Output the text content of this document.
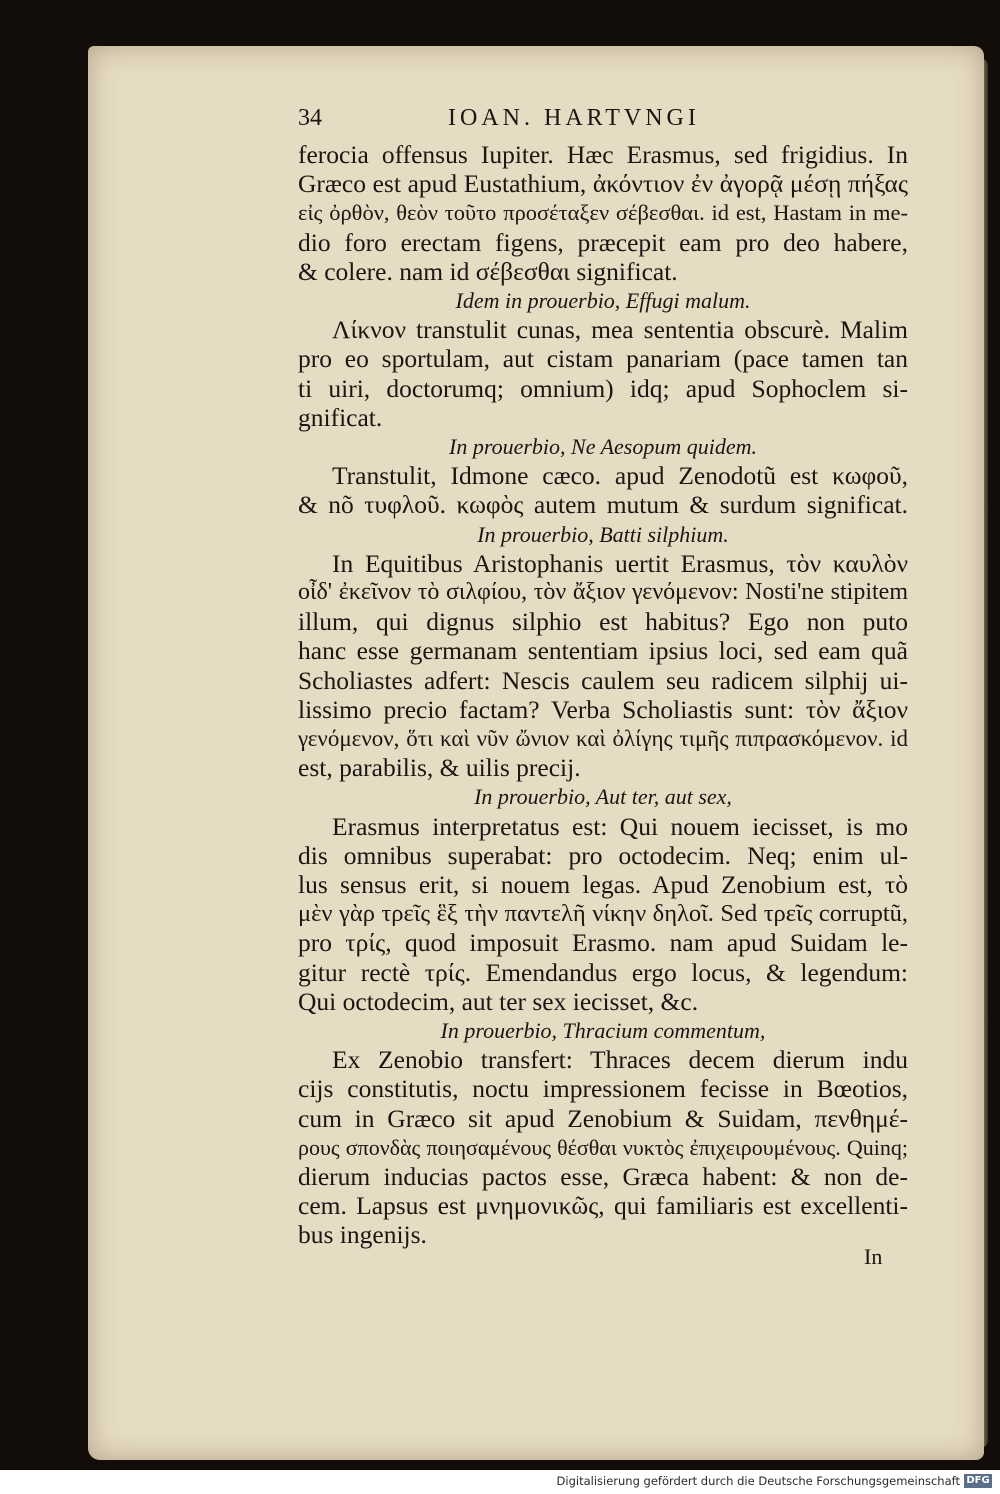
34	IOAN. HARTVNGI
ferocia offensus Iupiter. Hæc Erasmus, sed frigidius. In
Græco est apud Eustathium, ἀκόντιον ἐν ἀγορᾷ μέσῃ πήξας
εἰς ὀρθὸν, θεὸν τοῦτο προσέταξεν σέβεσθαι. id est, Hastam in me-
dio foro erectam figens, præcepit eam pro deo habere,
& colere. nam id σέβεσθαι significat.
Idem in prouerbio, Effugi malum.
Λίκνον transtulit cunas, mea sententia obscurè. Malim
pro eo sportulam, aut cistam panariam (pace tamen tan
ti uiri, doctorumq; omnium) idq; apud Sophoclem si-
gnificat.
In prouerbio, Ne Aesopum quidem.
Transtulit, Idmone cæco. apud Zenodotũ est κωφοῦ,
& nõ τυφλοῦ. κωφὸς autem mutum & surdum significat.
In prouerbio, Batti silphium.
In Equitibus Aristophanis uertit Erasmus, τὸν καυλὸν
οἶδ' ἐκεῖνον τὸ σιλφίου, τὸν ἄξιον γενόμενον: Nosti'ne stipitem
illum, qui dignus silphio est habitus? Ego non puto
hanc esse germanam sententiam ipsius loci, sed eam quã
Scholiastes adfert: Nescis caulem seu radicem silphij ui-
lissimo precio factam? Verba Scholiastis sunt: τὸν ἄξιον
γενόμενον, ὅτι καὶ νῦν ὤνιον καὶ ὀλίγης τιμῆς πιπρασκόμενον. id
est, parabilis, & uilis precij.
In prouerbio, Aut ter, aut sex,
Erasmus interpretatus est: Qui nouem iecisset, is mo
dis omnibus superabat: pro octodecim. Neq; enim ul-
lus sensus erit, si nouem legas. Apud Zenobium est, τὸ
μὲν γὰρ τρεῖς ἓξ τὴν παντελῆ νίκην δηλοῖ. Sed τρεῖς corruptũ,
pro τρίς, quod imposuit Erasmo. nam apud Suidam le-
gitur rectè τρίς. Emendandus ergo locus, & legendum:
Qui octodecim, aut ter sex iecisset, &c.
In prouerbio, Thracium commentum,
Ex Zenobio transfert: Thraces decem dierum indu
cijs constitutis, noctu impressionem fecisse in Bœotios,
cum in Græco sit apud Zenobium & Suidam, πενθημέ-
ρους σπονδὰς ποιησαμένους θέσθαι νυκτὸς ἐπιχειρουμένους. Quinq;
dierum inducias pactos esse, Græca habent: & non de-
cem. Lapsus est μνημονικῶς, qui familiaris est excellenti-
bus ingenijs.
In
Digitalisierung gefördert durch die Deutsche Forschungsgemeinschaft DFG
